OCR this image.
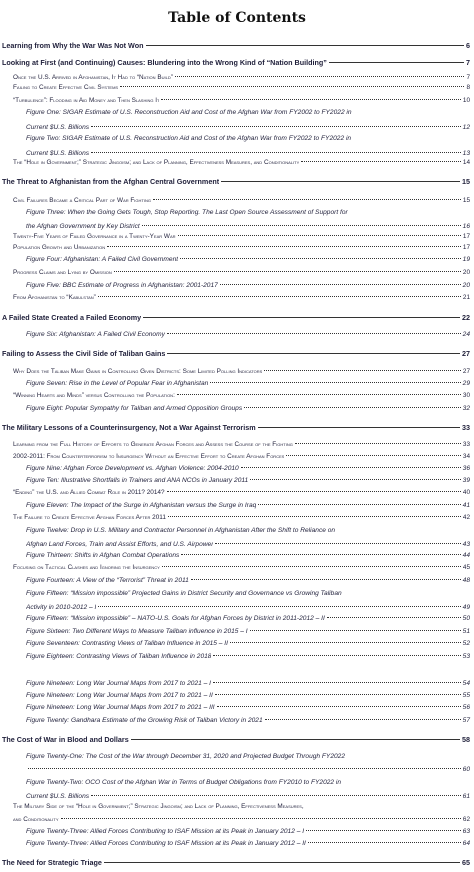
Table of Contents
Learning from Why the War Was Not Won	6
Looking at First (and Continuing) Causes: Blundering into the Wrong Kind of “Nation Building”	7
Once the U.S. Arrived in Afghanistan, It Had to “Nation Build”	7
Failing to Create Effective Civil Systems	8
“Turbulence”: Flooding in Aid Money and Then Slashing It	10
Figure One: SIGAR Estimate of U.S. Reconstruction Aid and Cost of the Afghan War from FY2002 to FY2022 in
Current $U.S. Billions	12
Figure Two: SIGAR Estimate of U.S. Reconstruction Aid and Cost of the Afghan War from FY2022 to FY2022 in
Current $U.S. Billions	13
The “Hole in Government;” Strategic Jingoism; and Lack of Planning, Effectiveness Measures, and Conditionality	14
The Threat to Afghanistan from the Afghan Central Government	15
Civil Failures Became a Critical Part of War Fighting	15
Figure Three: When the Going Gets Tough, Stop Reporting. The Last Open Source Assessment of Support for
the Afghan Government by Key District	16
Twenty-Five Years of Failed Governance in a Twenty-Year War	17
Population Growth and Urbanization	17
Figure Four: Afghanistan: A Failed Civil Government	19
Progress Claims and Lying by Omission	20
Figure Five: BBC Estimate of Progress in Afghanistan: 2001-2017	20
From Afghanistan to “Kabulstan”	21
A Failed State Created a Failed Economy	22
Figure Six: Afghanistan: A Failed Civil Economy	24
Failing to Assess the Civil Side of Taliban Gains	27
Why Does the Taliban Make Gains in Controlling Given Districts: Some Limited Polling Indicators	27
Figure Seven: Rise in the Level of Popular Fear in Afghanistan	29
“Winning Hearts and Minds” versus Controlling the Population:	30
Figure Eight: Popular Sympathy for Taliban and Armed Opposition Groups	32
The Military Lessons of a Counterinsurgency, Not a War Against Terrorism	33
Learning from the Full History of Efforts to Generate Afghan Forces and Assess the Course of the Fighting	33
2002-2011: From Counterterrorism to Insurgency Without an Effective Effort to Create Afghan Forces	34
Figure Nine: Afghan Force Development vs. Afghan Violence: 2004-2010	36
Figure Ten: Illustrative Shortfalls in Trainers and ANA NCOs in January 2011	39
“Ending” the U.S. and Allied Combat Role in 2011? 2014?	40
Figure Eleven: The Impact of the Surge in Afghanistan versus the Surge in Iraq	41
The Failure to Create Effective Afghan Forces After 2011	42
Figure Twelve: Drop in U.S. Military and Contractor Personnel in Afghanistan After the Shift to Reliance on
Afghan Land Forces, Train and Assist Efforts, and U.S. Airpower	43
Figure Thirteen: Shifts in Afghan Combat Operations	44
Focusing on Tactical Clashes and Ignoring the Insurgency	45
Figure Fourteen: A View of the “Terrorist” Threat in 2011	48
Figure Fifteen: “Mission impossible” Projected Gains in District Security and Governance vs Growing Taliban
Activity in 2010-2012 – I	49
Figure Fifteen: “Mission impossible” – NATO-U.S. Goals for Afghan Forces by District in 2011-2012 – II	50
Figure Sixteen: Two Different Ways to Measure Taliban influence in 2015 – I	51
Figure Seventeen: Contrasting Views of Taliban Influence in 2015 – II	52
Figure Eighteen: Contrasting Views of Taliban Influence in 2018	53
Figure Nineteen: Long War Journal Maps from 2017 to 2021 – I	54
Figure Nineteen: Long War Journal Maps from 2017 to 2021 – II	55
Figure Nineteen: Long War Journal Maps from 2017 to 2021 – III	56
Figure Twenty: Gandhara Estimate of the Growing Risk of Taliban Victory in 2021	57
The Cost of War in Blood and Dollars	58
Figure Twenty-One: The Cost of the War through December 31, 2020 and Projected Budget Through FY2022
60
Figure Twenty-Two: OCO Cost of the Afghan War in Terms of Budget Obligations from FY2010 to FY2022 in
Current $U.S. Billions	61
The Military Side of the “Hole in Government;” Strategic Jingoism; and Lack of Planning, Effectiveness Measures,
and Conditionality	62
Figure Twenty-Three: Allied Forces Contributing to ISAF Mission at its Peak in January 2012 – I	63
Figure Twenty-Three: Allied Forces Contributing to ISAF Mission at its Peak in January 2012 – II	64
The Need for Strategic Triage	65
